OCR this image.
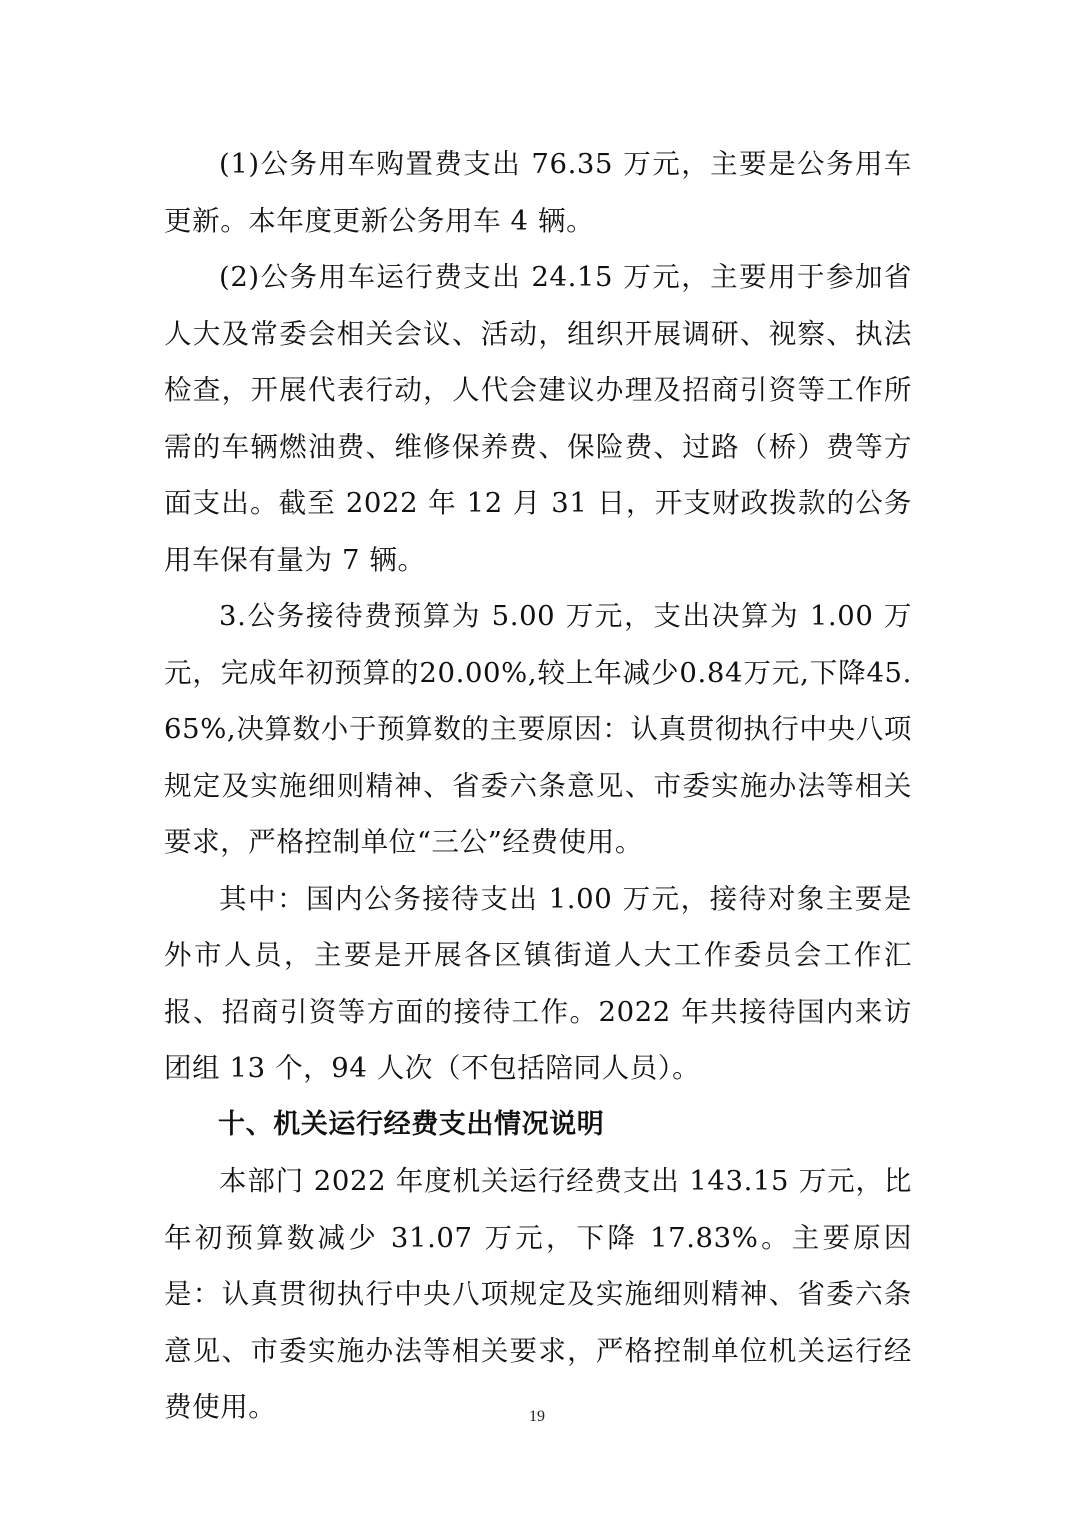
(1)公务用车购置费支出 76.35 万元，主要是公务用车更新。本年度更新公务用车 4 辆。

(2)公务用车运行费支出 24.15 万元，主要用于参加省人大及常委会相关会议、活动，组织开展调研、视察、执法检查，开展代表行动，人代会建议办理及招商引资等工作所需的车辆燃油费、维修保养费、保险费、过路（桥）费等方面支出。截至 2022 年 12 月 31 日，开支财政拨款的公务用车保有量为 7 辆。

3.公务接待费预算为 5.00 万元，支出决算为 1.00 万元，完成年初预算的20.00%,较上年减少0.84万元,下降45.65%,决算数小于预算数的主要原因：认真贯彻执行中央八项规定及实施细则精神、省委六条意见、市委实施办法等相关要求，严格控制单位“三公”经费使用。

其中：国内公务接待支出 1.00 万元，接待对象主要是外市人员，主要是开展各区镇街道人大工作委员会工作汇报、招商引资等方面的接待工作。2022 年共接待国内来访团组 13 个，94 人次（不包括陪同人员）。

十、机关运行经费支出情况说明

本部门 2022 年度机关运行经费支出 143.15 万元，比年初预算数减少 31.07 万元，下降 17.83%。主要原因是：认真贯彻执行中央八项规定及实施细则精神、省委六条意见、市委实施办法等相关要求，严格控制单位机关运行经费使用。	19
